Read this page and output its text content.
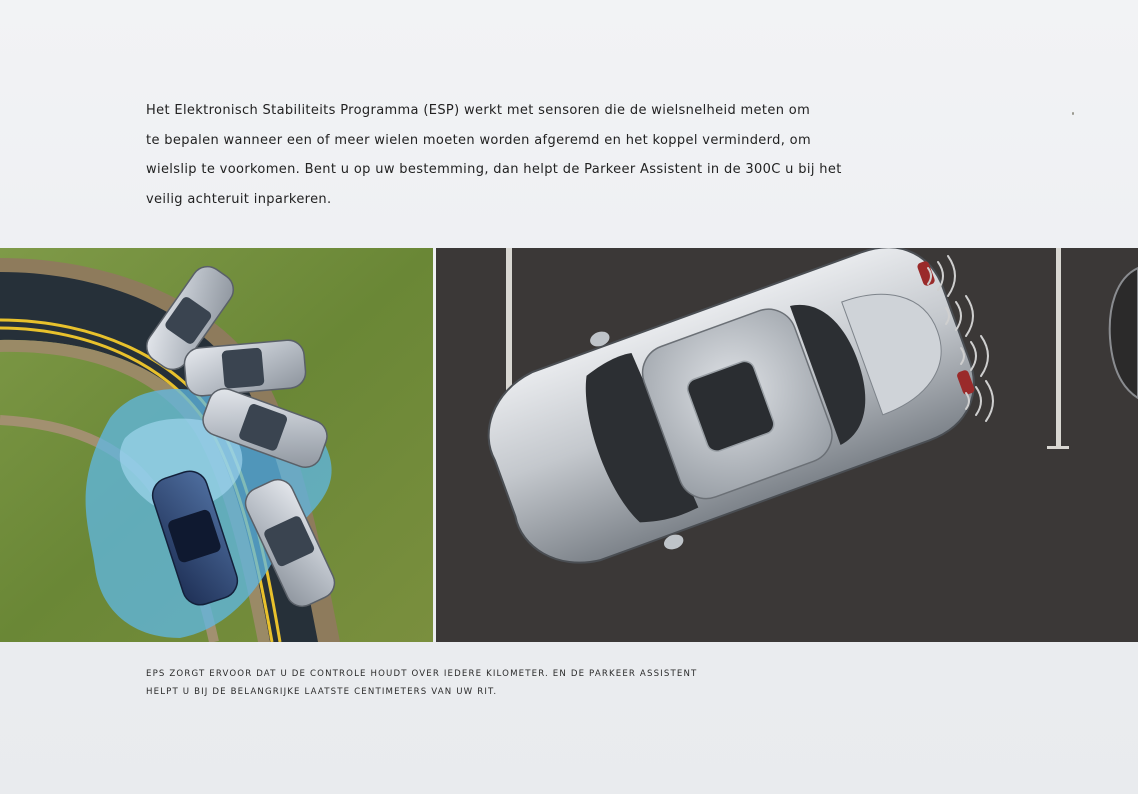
Het Elektronisch Stabiliteits Programma (ESP) werkt met sensoren die de wielsnelheid meten om
te bepalen wanneer een of meer wielen moeten worden afgeremd en het koppel verminderd, om
wielslip te voorkomen. Bent u op uw bestemming, dan helpt de Parkeer Assistent in de 300C u bij het
veilig achteruit inparkeren.
EPS ZORGT ERVOOR DAT U DE CONTROLE HOUDT OVER IEDERE KILOMETER. EN DE PARKEER ASSISTENT
HELPT U BIJ DE BELANGRIJKE LAATSTE CENTIMETERS VAN UW RIT.
